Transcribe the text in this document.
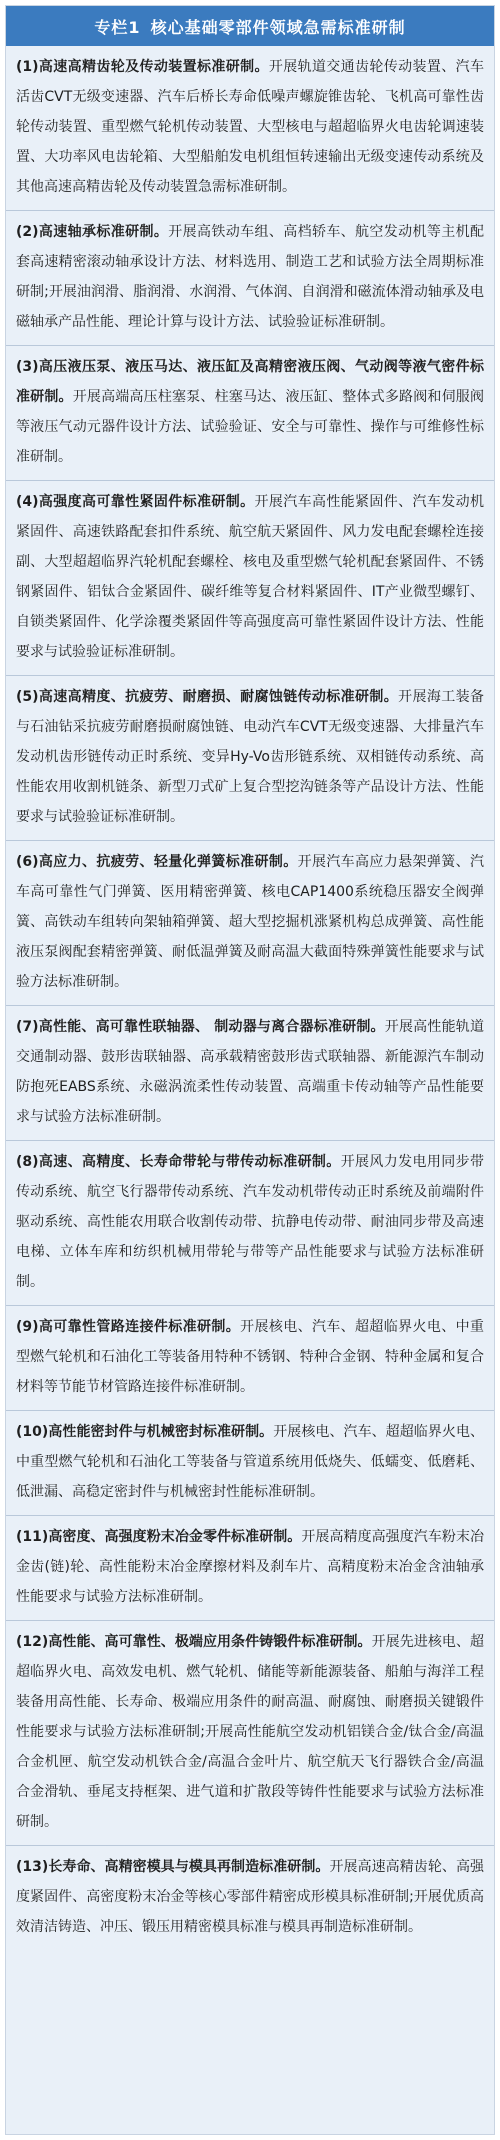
专栏1 核心基础零部件领域急需标准研制
(1)高速高精齿轮及传动装置标准研制。开展轨道交通齿轮传动装置、汽车活齿CVT无级变速器、汽车后桥长寿命低噪声螺旋锥齿轮、飞机高可靠性齿轮传动装置、重型燃气轮机传动装置、大型核电与超超临界火电齿轮调速装置、大功率风电齿轮箱、大型船舶发电机组恒转速输出无级变速传动系统及其他高速高精齿轮及传动装置急需标准研制。
(2)高速轴承标准研制。开展高铁动车组、高档轿车、航空发动机等主机配套高速精密滚动轴承设计方法、材料选用、制造工艺和试验方法全周期标准研制;开展油润滑、脂润滑、水润滑、气体润、自润滑和磁流体滑动轴承及电磁轴承产品性能、理论计算与设计方法、试验验证标准研制。
(3)高压液压泵、液压马达、液压缸及高精密液压阀、气动阀等液气密件标准研制。开展高端高压柱塞泵、柱塞马达、液压缸、整体式多路阀和伺服阀等液压气动元器件设计方法、试验验证、安全与可靠性、操作与可维修性标准研制。
(4)高强度高可靠性紧固件标准研制。开展汽车高性能紧固件、汽车发动机紧固件、高速铁路配套扣件系统、航空航天紧固件、风力发电配套螺栓连接副、大型超超临界汽轮机配套螺栓、核电及重型燃气轮机配套紧固件、不锈钢紧固件、铝钛合金紧固件、碳纤维等复合材料紧固件、IT产业微型螺钉、自锁类紧固件、化学涂覆类紧固件等高强度高可靠性紧固件设计方法、性能要求与试验验证标准研制。
(5)高速高精度、抗疲劳、耐磨损、耐腐蚀链传动标准研制。开展海工装备与石油钻采抗疲劳耐磨损耐腐蚀链、电动汽车CVT无级变速器、大排量汽车发动机齿形链传动正时系统、变异Hy-Vo齿形链系统、双相链传动系统、高性能农用收割机链条、新型刀式矿上复合型挖沟链条等产品设计方法、性能要求与试验验证标准研制。
(6)高应力、抗疲劳、轻量化弹簧标准研制。开展汽车高应力悬架弹簧、汽车高可靠性气门弹簧、医用精密弹簧、核电CAP1400系统稳压器安全阀弹簧、高铁动车组转向架轴箱弹簧、超大型挖掘机涨紧机构总成弹簧、高性能液压泵阀配套精密弹簧、耐低温弹簧及耐高温大截面特殊弹簧性能要求与试验方法标准研制。
(7)高性能、高可靠性联轴器、 制动器与离合器标准研制。开展高性能轨道交通制动器、鼓形齿联轴器、高承载精密鼓形齿式联轴器、新能源汽车制动防抱死EABS系统、永磁涡流柔性传动装置、高端重卡传动轴等产品性能要求与试验方法标准研制。
(8)高速、高精度、长寿命带轮与带传动标准研制。开展风力发电用同步带传动系统、航空飞行器带传动系统、汽车发动机带传动正时系统及前端附件驱动系统、高性能农用联合收割传动带、抗静电传动带、耐油同步带及高速电梯、立体车库和纺织机械用带轮与带等产品性能要求与试验方法标准研制。
(9)高可靠性管路连接件标准研制。开展核电、汽车、超超临界火电、中重型燃气轮机和石油化工等装备用特种不锈钢、特种合金钢、特种金属和复合材料等节能节材管路连接件标准研制。
(10)高性能密封件与机械密封标准研制。开展核电、汽车、超超临界火电、中重型燃气轮机和石油化工等装备与管道系统用低烧失、低蠕变、低磨耗、低泄漏、高稳定密封件与机械密封性能标准研制。
(11)高密度、高强度粉末冶金零件标准研制。开展高精度高强度汽车粉末冶金齿(链)轮、高性能粉末冶金摩擦材料及刹车片、高精度粉末冶金含油轴承性能要求与试验方法标准研制。
(12)高性能、高可靠性、极端应用条件铸锻件标准研制。开展先进核电、超超临界火电、高效发电机、燃气轮机、储能等新能源装备、船舶与海洋工程装备用高性能、长寿命、极端应用条件的耐高温、耐腐蚀、耐磨损关键锻件性能要求与试验方法标准研制;开展高性能航空发动机铝镁合金/钛合金/高温合金机匣、航空发动机铁合金/高温合金叶片、航空航天飞行器铁合金/高温合金滑轨、垂尾支持框架、进气道和扩散段等铸件性能要求与试验方法标准研制。
(13)长寿命、高精密模具与模具再制造标准研制。开展高速高精齿轮、高强度紧固件、高密度粉末冶金等核心零部件精密成形模具标准研制;开展优质高效清洁铸造、冲压、锻压用精密模具标准与模具再制造标准研制。
